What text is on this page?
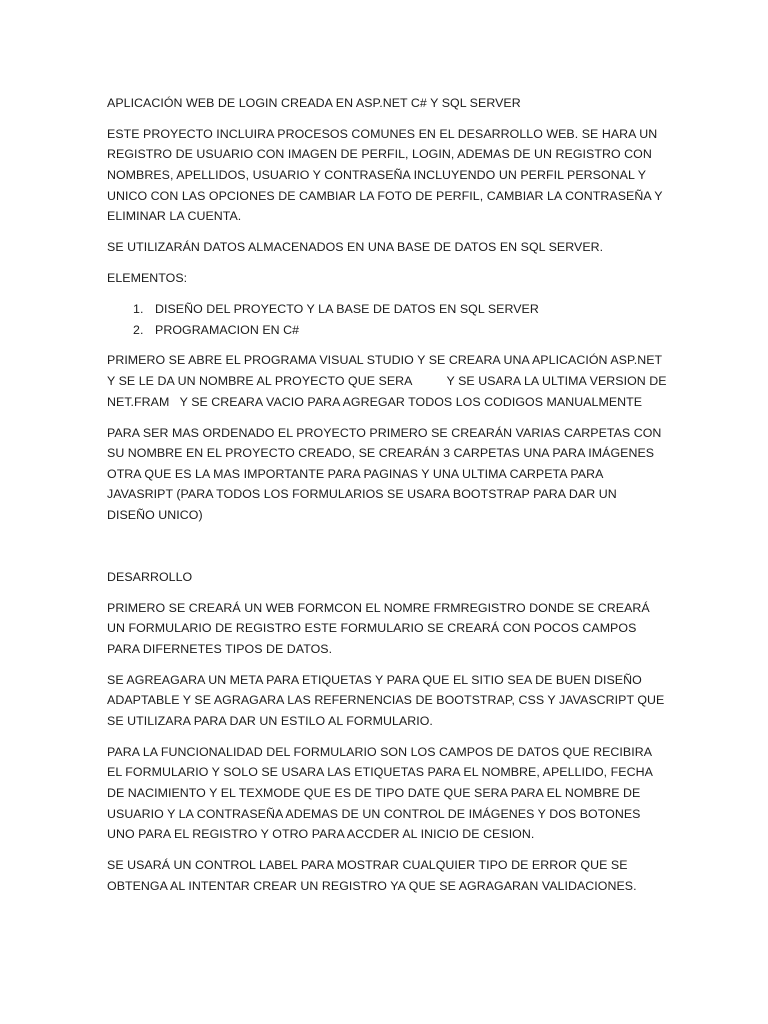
APLICACIÓN WEB DE LOGIN CREADA EN ASP.NET C# Y SQL SERVER

ESTE PROYECTO INCLUIRA PROCESOS COMUNES EN EL DESARROLLO WEB. SE HARA UN REGISTRO DE USUARIO CON IMAGEN DE PERFIL, LOGIN, ADEMAS DE UN REGISTRO CON NOMBRES, APELLIDOS, USUARIO Y CONTRASEÑA INCLUYENDO UN PERFIL PERSONAL Y UNICO CON LAS OPCIONES DE CAMBIAR LA FOTO DE PERFIL, CAMBIAR LA CONTRASEÑA Y ELIMINAR LA CUENTA.

SE UTILIZARÁN DATOS ALMACENADOS EN UNA BASE DE DATOS EN SQL SERVER.

ELEMENTOS:

1. DISEÑO DEL PROYECTO Y LA BASE DE DATOS EN SQL SERVER
2. PROGRAMACION EN C#

PRIMERO SE ABRE EL PROGRAMA VISUAL STUDIO Y SE CREARA UNA APLICACIÓN ASP.NET Y SE LE DA UN NOMBRE AL PROYECTO QUE SERA          Y SE USARA LA ULTIMA VERSION DE NET.FRAM   Y SE CREARA VACIO PARA AGREGAR TODOS LOS CODIGOS MANUALMENTE

PARA SER MAS ORDENADO EL PROYECTO PRIMERO SE CREARÁN VARIAS CARPETAS CON SU NOMBRE EN EL PROYECTO CREADO, SE CREARÁN 3 CARPETAS UNA PARA IMÁGENES OTRA QUE ES LA MAS IMPORTANTE PARA PAGINAS Y UNA ULTIMA CARPETA PARA JAVASRIPT (PARA TODOS LOS FORMULARIOS SE USARA BOOTSTRAP PARA DAR UN DISEÑO UNICO)

DESARROLLO

PRIMERO SE CREARÁ UN WEB FORMCON EL NOMRE FRMREGISTRO DONDE SE CREARÁ UN FORMULARIO DE REGISTRO ESTE FORMULARIO SE CREARÁ CON POCOS CAMPOS PARA DIFERNETES TIPOS DE DATOS.

SE AGREAGARA UN META PARA ETIQUETAS Y PARA QUE EL SITIO SEA DE BUEN DISEÑO ADAPTABLE Y SE AGRAGARA LAS REFERNENCIAS DE BOOTSTRAP, CSS Y JAVASCRIPT QUE SE UTILIZARA PARA DAR UN ESTILO AL FORMULARIO.

PARA LA FUNCIONALIDAD DEL FORMULARIO SON LOS CAMPOS DE DATOS QUE RECIBIRA EL FORMULARIO Y SOLO SE USARA LAS ETIQUETAS PARA EL NOMBRE, APELLIDO, FECHA DE NACIMIENTO Y EL TEXMODE QUE ES DE TIPO DATE QUE SERA PARA EL NOMBRE DE USUARIO Y LA CONTRASEÑA ADEMAS DE UN CONTROL DE IMÁGENES Y DOS BOTONES UNO PARA EL REGISTRO Y OTRO PARA ACCDER AL INICIO DE CESION.

SE USARÁ UN CONTROL LABEL PARA MOSTRAR CUALQUIER TIPO DE ERROR QUE SE OBTENGA AL INTENTAR CREAR UN REGISTRO YA QUE SE AGRAGARAN VALIDACIONES.
